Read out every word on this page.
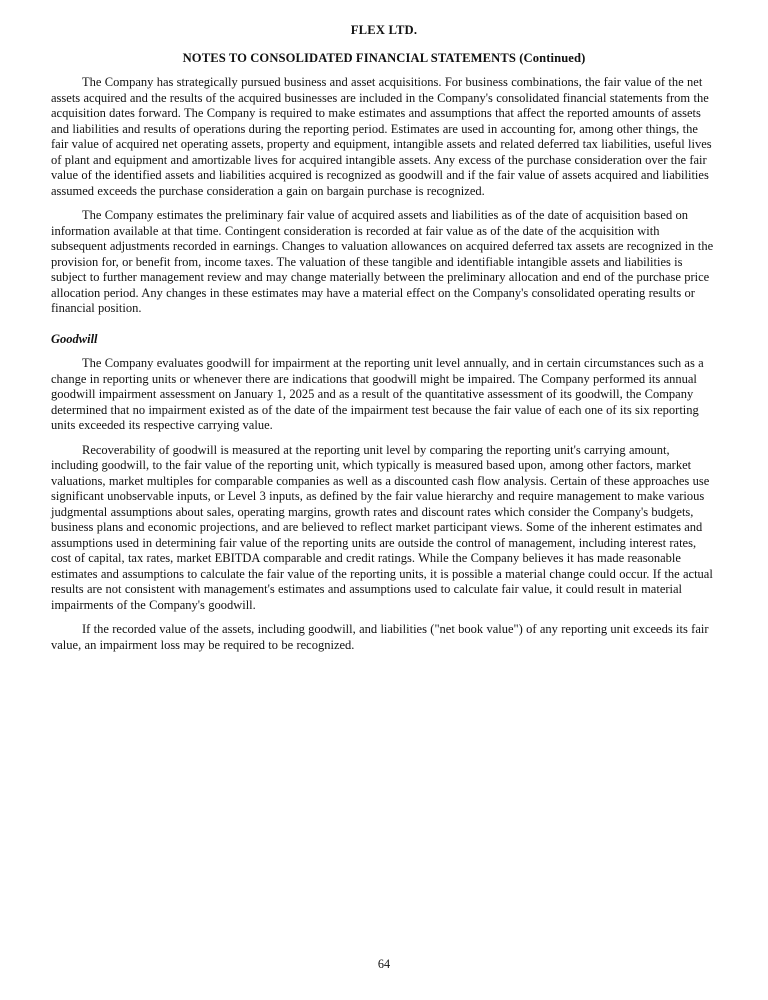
FLEX LTD.
NOTES TO CONSOLIDATED FINANCIAL STATEMENTS (Continued)

The Company has strategically pursued business and asset acquisitions. For business combinations, the fair value of the net assets acquired and the results of the acquired businesses are included in the Company's consolidated financial statements from the acquisition dates forward. The Company is required to make estimates and assumptions that affect the reported amounts of assets and liabilities and results of operations during the reporting period. Estimates are used in accounting for, among other things, the fair value of acquired net operating assets, property and equipment, intangible assets and related deferred tax liabilities, useful lives of plant and equipment and amortizable lives for acquired intangible assets. Any excess of the purchase consideration over the fair value of the identified assets and liabilities acquired is recognized as goodwill and if the fair value of assets acquired and liabilities assumed exceeds the purchase consideration a gain on bargain purchase is recognized.

The Company estimates the preliminary fair value of acquired assets and liabilities as of the date of acquisition based on information available at that time. Contingent consideration is recorded at fair value as of the date of the acquisition with subsequent adjustments recorded in earnings. Changes to valuation allowances on acquired deferred tax assets are recognized in the provision for, or benefit from, income taxes. The valuation of these tangible and identifiable intangible assets and liabilities is subject to further management review and may change materially between the preliminary allocation and end of the purchase price allocation period. Any changes in these estimates may have a material effect on the Company's consolidated operating results or financial position.

Goodwill

The Company evaluates goodwill for impairment at the reporting unit level annually, and in certain circumstances such as a change in reporting units or whenever there are indications that goodwill might be impaired. The Company performed its annual goodwill impairment assessment on January 1, 2025 and as a result of the quantitative assessment of its goodwill, the Company determined that no impairment existed as of the date of the impairment test because the fair value of each one of its six reporting units exceeded its respective carrying value.

Recoverability of goodwill is measured at the reporting unit level by comparing the reporting unit's carrying amount, including goodwill, to the fair value of the reporting unit, which typically is measured based upon, among other factors, market valuations, market multiples for comparable companies as well as a discounted cash flow analysis. Certain of these approaches use significant unobservable inputs, or Level 3 inputs, as defined by the fair value hierarchy and require management to make various judgmental assumptions about sales, operating margins, growth rates and discount rates which consider the Company's budgets, business plans and economic projections, and are believed to reflect market participant views. Some of the inherent estimates and assumptions used in determining fair value of the reporting units are outside the control of management, including interest rates, cost of capital, tax rates, market EBITDA comparable and credit ratings. While the Company believes it has made reasonable estimates and assumptions to calculate the fair value of the reporting units, it is possible a material change could occur. If the actual results are not consistent with management's estimates and assumptions used to calculate fair value, it could result in material impairments of the Company's goodwill.

If the recorded value of the assets, including goodwill, and liabilities ("net book value") of any reporting unit exceeds its fair value, an impairment loss may be required to be recognized.

64
